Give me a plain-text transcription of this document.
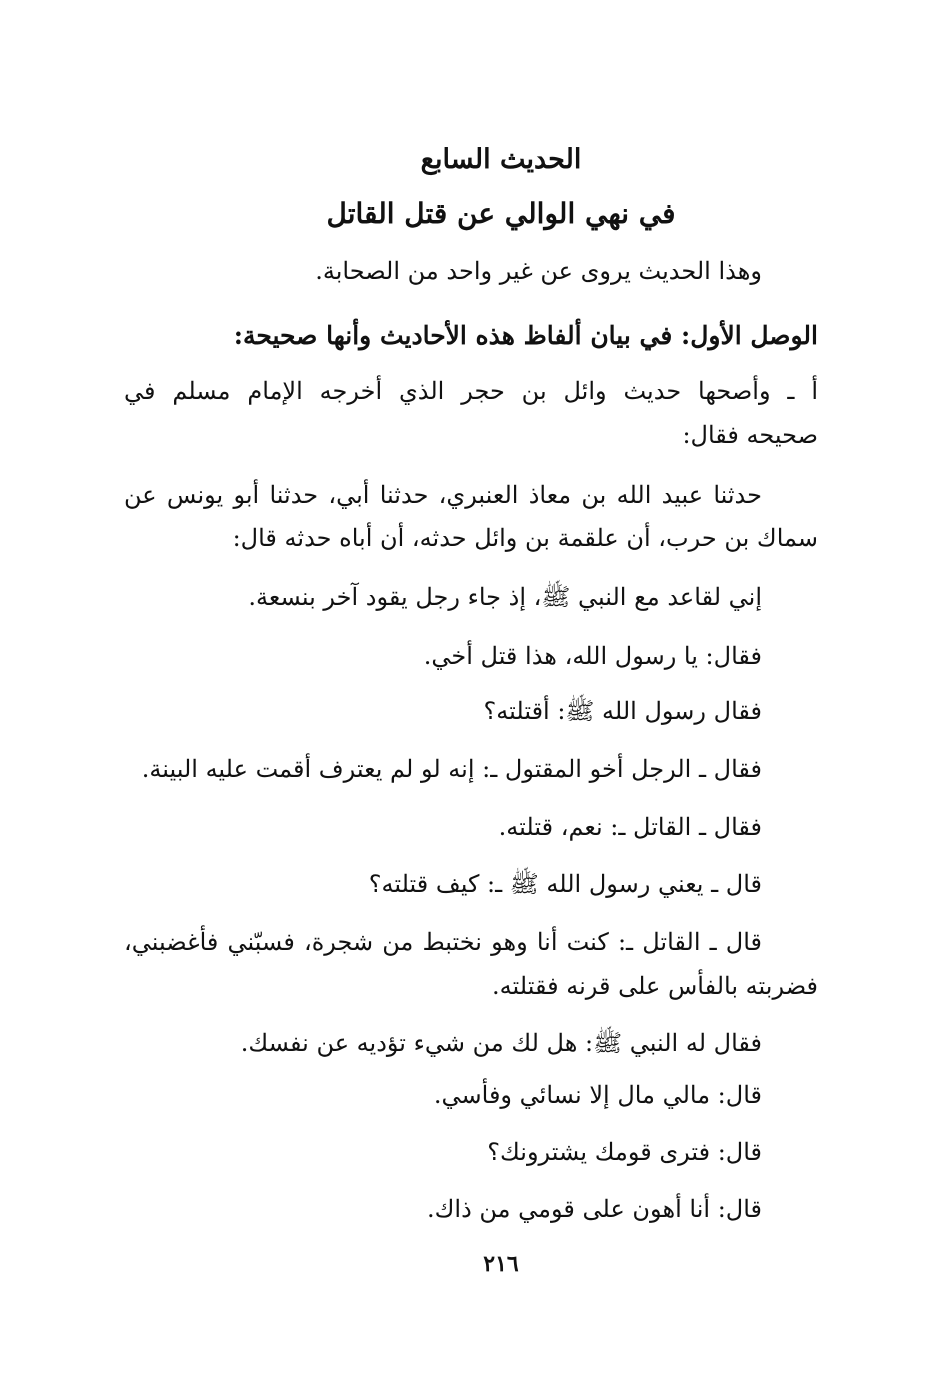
الحديث السابع
في نهي الوالي عن قتل القاتل
وهذا الحديث يروى عن غير واحد من الصحابة.
الوصل الأول: في بيان ألفاظ هذه الأحاديث وأنها صحيحة:
أ ـ وأصحها حديث وائل بن حجر الذي أخرجه الإمام مسلم في
صحيحه فقال:
حدثنا عبيد الله بن معاذ العنبري، حدثنا أبي، حدثنا أبو يونس عن
سماك بن حرب، أن علقمة بن وائل حدثه، أن أباه حدثه قال:
إني لقاعد مع النبي ﷺ، إذ جاء رجل يقود آخر بنسعة.
فقال: يا رسول الله، هذا قتل أخي.
فقال رسول الله ﷺ: أقتلته؟
فقال ـ الرجل أخو المقتول ـ: إنه لو لم يعترف أقمت عليه البينة.
فقال ـ القاتل ـ: نعم، قتلته.
قال ـ يعني رسول الله ﷺ ـ: كيف قتلته؟
قال ـ القاتل ـ: كنت أنا وهو نختبط من شجرة، فسبّني فأغضبني،
فضربته بالفأس على قرنه فقتلته.
فقال له النبي ﷺ: هل لك من شيء تؤديه عن نفسك.
قال: مالي مال إلا نسائي وفأسي.
قال: فترى قومك يشترونك؟
قال: أنا أهون على قومي من ذاك.
٢١٦
